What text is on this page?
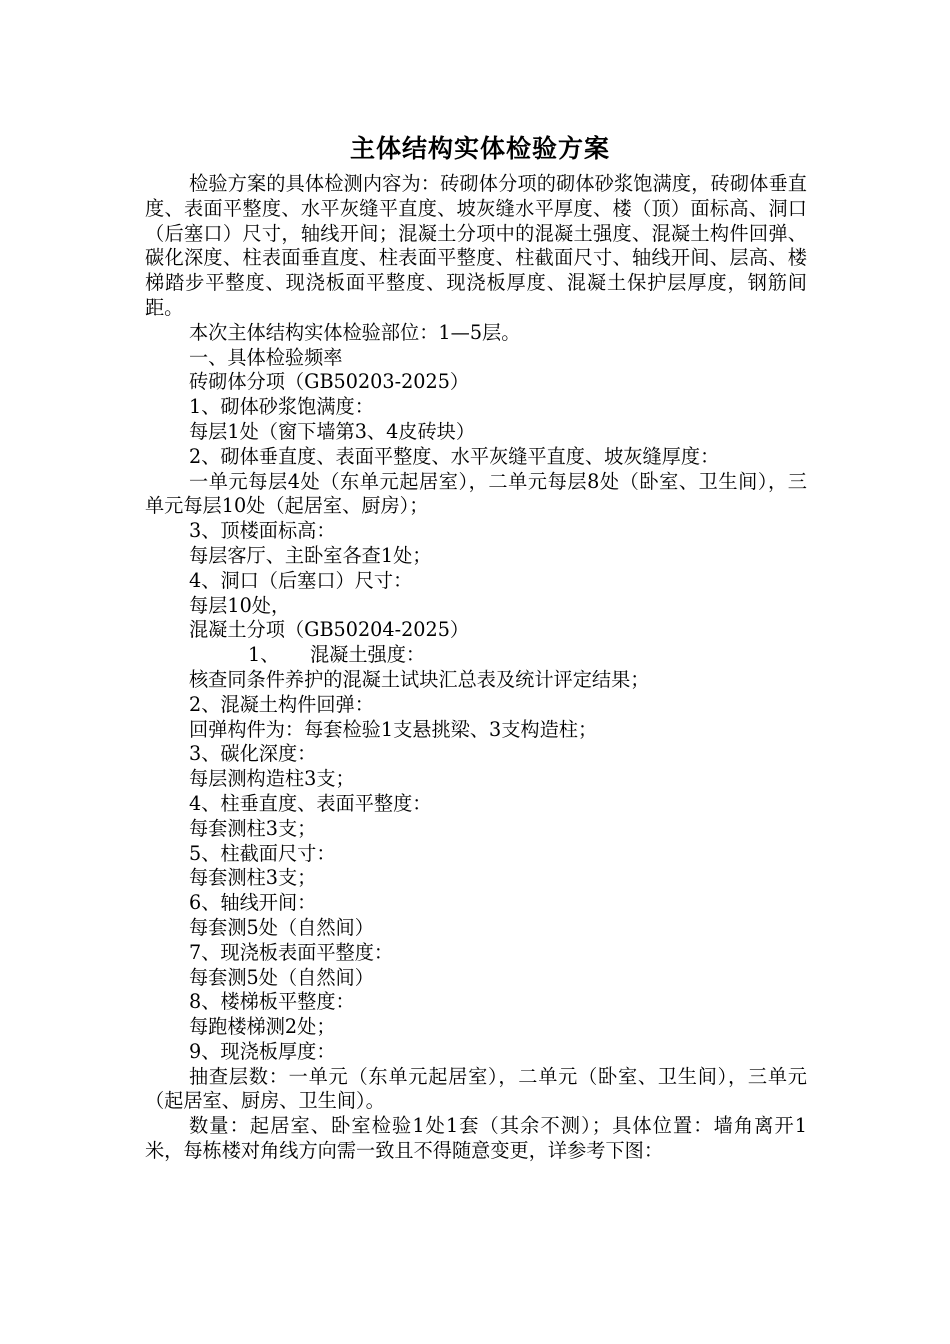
主体结构实体检验方案

检验方案的具体检测内容为：砖砌体分项的砌体砂浆饱满度，砖砌体垂直度、表面平整度、水平灰缝平直度、坡灰缝水平厚度、楼（顶）面标高、洞口（后塞口）尺寸，轴线开间；混凝土分项中的混凝土强度、混凝土构件回弹、碳化深度、柱表面垂直度、柱表面平整度、柱截面尺寸、轴线开间、层高、楼梯踏步平整度、现浇板面平整度、现浇板厚度、混凝土保护层厚度，钢筋间距。

本次主体结构实体检验部位：1—5层。

一、具体检验频率

砖砌体分项（GB50203-2025）

1、砌体砂浆饱满度：

每层1处（窗下墙第3、4皮砖块）

2、砌体垂直度、表面平整度、水平灰缝平直度、坡灰缝厚度：

一单元每层4处（东单元起居室），二单元每层8处（卧室、卫生间），三单元每层10处（起居室、厨房）；

3、顶楼面标高：

每层客厅、主卧室各查1处；

4、洞口（后塞口）尺寸：

每层10处，

混凝土分项（GB50204-2025）

1、 混凝土强度：

核查同条件养护的混凝土试块汇总表及统计评定结果；

2、混凝土构件回弹：

回弹构件为：每套检验1支悬挑梁、3支构造柱；

3、碳化深度：

每层测构造柱3支；

4、柱垂直度、表面平整度：

每套测柱3支；

5、柱截面尺寸：

每套测柱3支；

6、轴线开间：

每套测5处（自然间）

7、现浇板表面平整度：

每套测5处（自然间）

8、楼梯板平整度：

每跑楼梯测2处；

9、现浇板厚度：

抽查层数：一单元（东单元起居室），二单元（卧室、卫生间），三单元（起居室、厨房、卫生间）。

数量：起居室、卧室检验1处1套（其余不测）；具体位置：墙角离开1米，每栋楼对角线方向需一致且不得随意变更，详参考下图：
